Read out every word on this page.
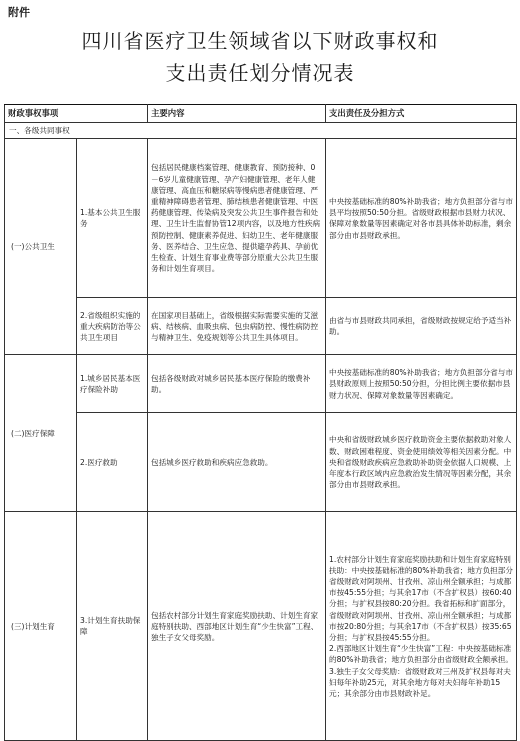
附件
四川省医疗卫生领域省以下财政事权和
支出责任划分情况表
财政事权事项		主要内容	支出责任及分担方式
一、各级共同事权			
(一)公共卫生	1.基本公共卫生服务	包括居民健康档案管理、健康教育、预防接种、0－6岁儿童健康管理、孕产妇健康管理、老年人健康管理、高血压和糖尿病等慢病患者健康管理、严重精神障碍患者管理、肺结核患者健康管理、中医药健康管理、传染病及突发公共卫生事件报告和处理、卫生计生监督协管12项内容，以及地方性疾病预防控制、健康素养促进、妇幼卫生、老年健康服务、医养结合、卫生应急、提供避孕药具、孕前优生检查、计划生育事业费等部分原重大公共卫生服务和计划生育项目。	中央按基础标准的80%补助我省；地方负担部分省与市县平均按照50:50分担。省级财政根据市县财力状况、保障对象数量等因素确定对各市县具体补助标准，剩余部分由市县财政承担。
	2.省级组织实施的重大疾病防治等公共卫生项目	在国家项目基础上，省级根据实际需要实施的艾滋病、结核病、血吸虫病、包虫病防控、慢性病防控与精神卫生、免疫规划等公共卫生具体项目。	由省与市县财政共同承担，省级财政按规定给予适当补助。
(二)医疗保障	1.城乡居民基本医疗保险补助	包括各级财政对城乡居民基本医疗保险的缴费补助。	中央按基础标准的80%补助我省；地方负担部分省与市县财政原则上按照50:50分担，分担比例主要依据市县财力状况、保障对象数量等因素确定。
	2.医疗救助	包括城乡医疗救助和疾病应急救助。	中央和省级财政城乡医疗救助资金主要依据救助对象人数、财政困难程度、资金使用绩效等相关因素分配。中央和省级财政疾病应急救助补助资金依据人口规模、上年度本行政区域内应急救治发生情况等因素分配，其余部分由市县财政承担。
(三)计划生育	3.计划生育扶助保障	包括农村部分计划生育家庭奖励扶助、计划生育家庭特别扶助、西部地区计划生育“少生快富”工程、独生子女父母奖励。	1.农村部分计划生育家庭奖励扶助和计划生育家庭特别扶助：中央按基础标准的80%补助我省；地方负担部分省级财政对阿坝州、甘孜州、凉山州全额承担；与成都市按45:55分担；与其余17市（不含扩权县）按60:40分担；与扩权县按80:20分担。我省拓标和扩面部分，省级财政对阿坝州、甘孜州、凉山州全额承担；与成都市按20:80分担；与其余17市（不含扩权县）按35:65分担；与扩权县按45:55分担。
2.西部地区计划生育“少生快富”工程：中央按基础标准的80%补助我省；地方负担部分由省级财政全额承担。
3.独生子女父母奖励：省级财政对三州及扩权县每对夫妇每年补助25元，对其余地方每对夫妇每年补助15元；其余部分由市县财政补足。
